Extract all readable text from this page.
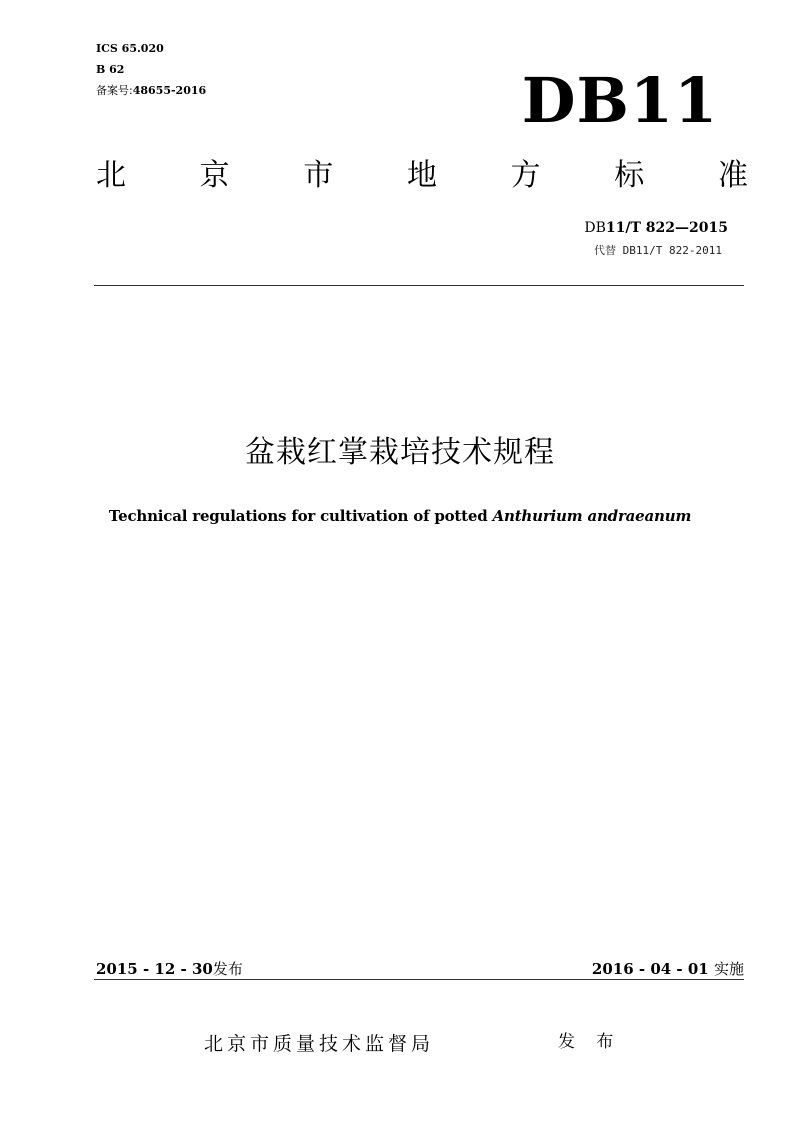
ICS 65.020
B 62
备案号:48655-2016	DB11
北 京 市 地 方 标 准
DB11/T 822—2015
代替 DB11/T 822-2011
盆栽红掌栽培技术规程
Technical regulations for cultivation of potted Anthurium andraeanum
2015 - 12 - 30发布	2016 - 04 - 01 实施
北京市质量技术监督局	发 布
